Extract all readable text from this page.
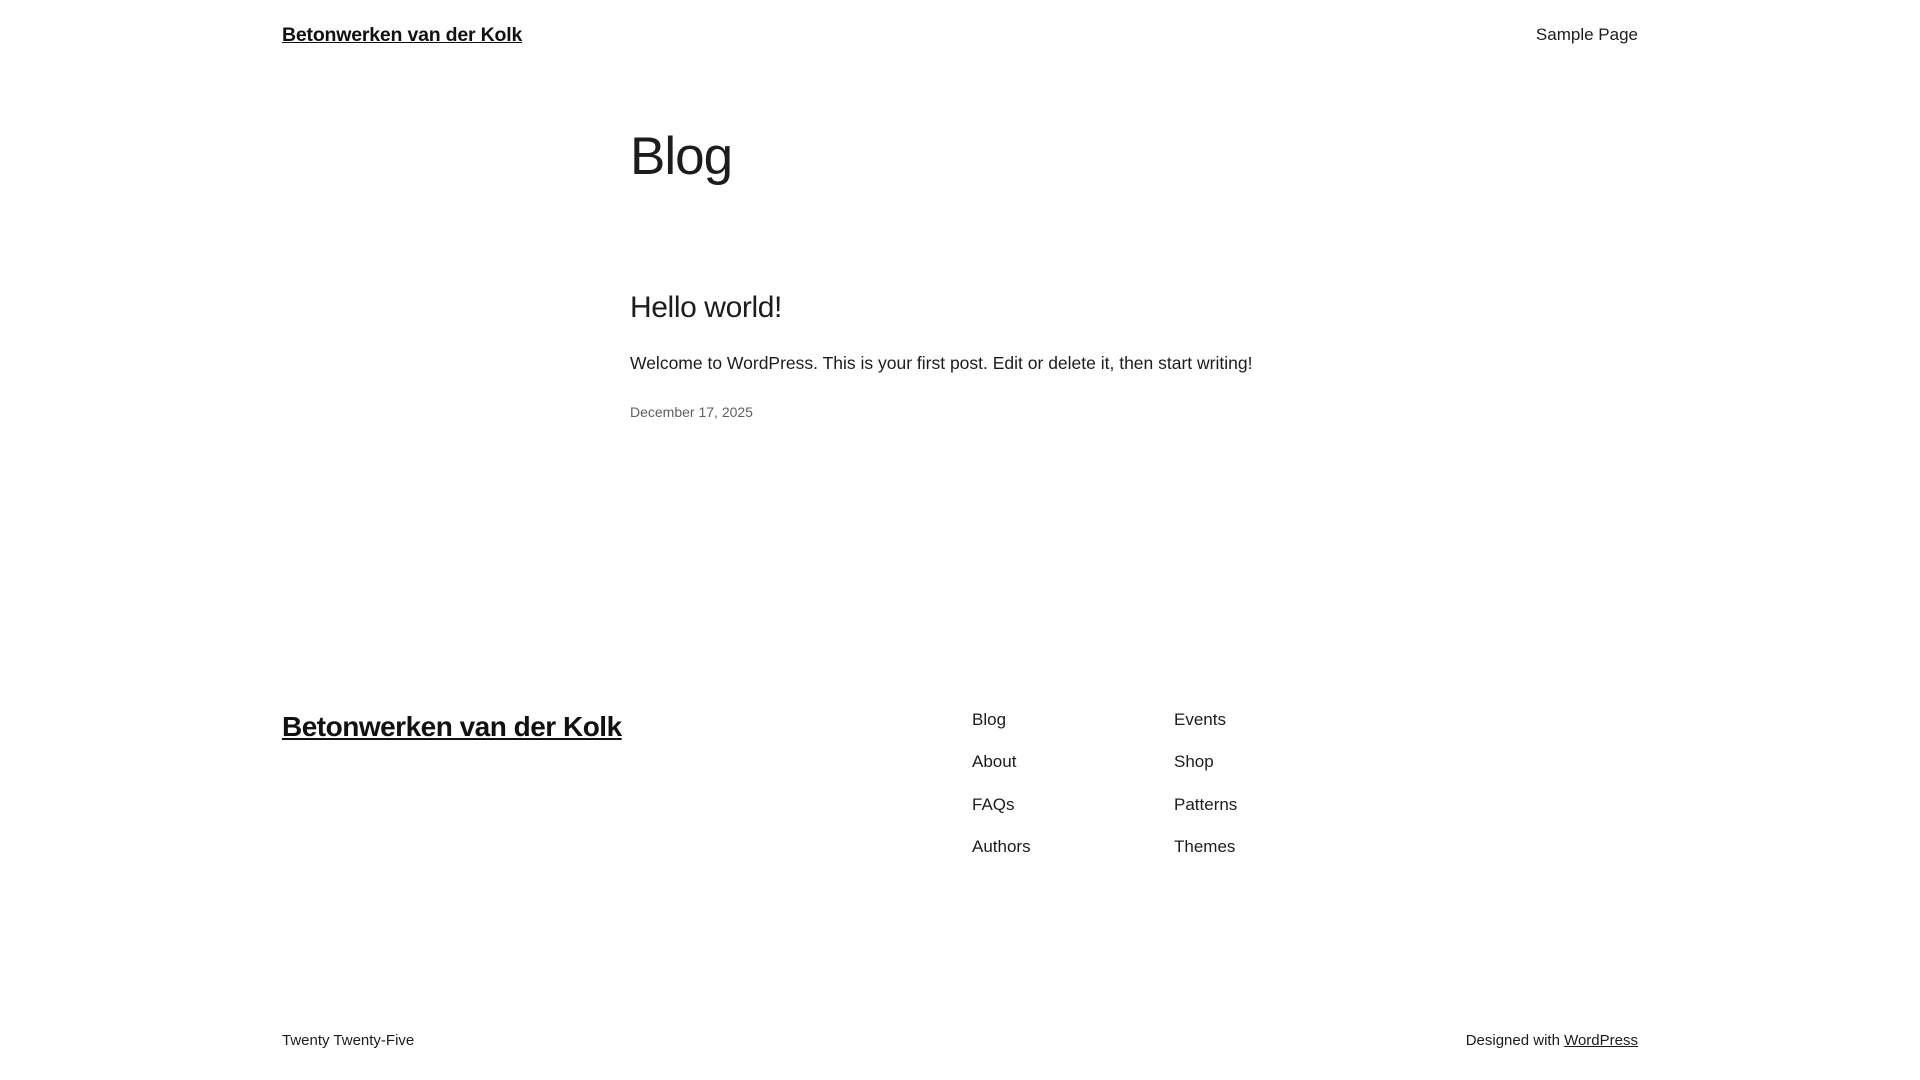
Betonwerken van der Kolk	Sample Page
Blog
Hello world!

Welcome to WordPress. This is your first post. Edit or delete it, then start writing!

December 17, 2025

Betonwerken van der Kolk	Blog
About
FAQs
Authors
Events
Shop
Patterns
Themes
Twenty Twenty-Five	Designed with WordPress
